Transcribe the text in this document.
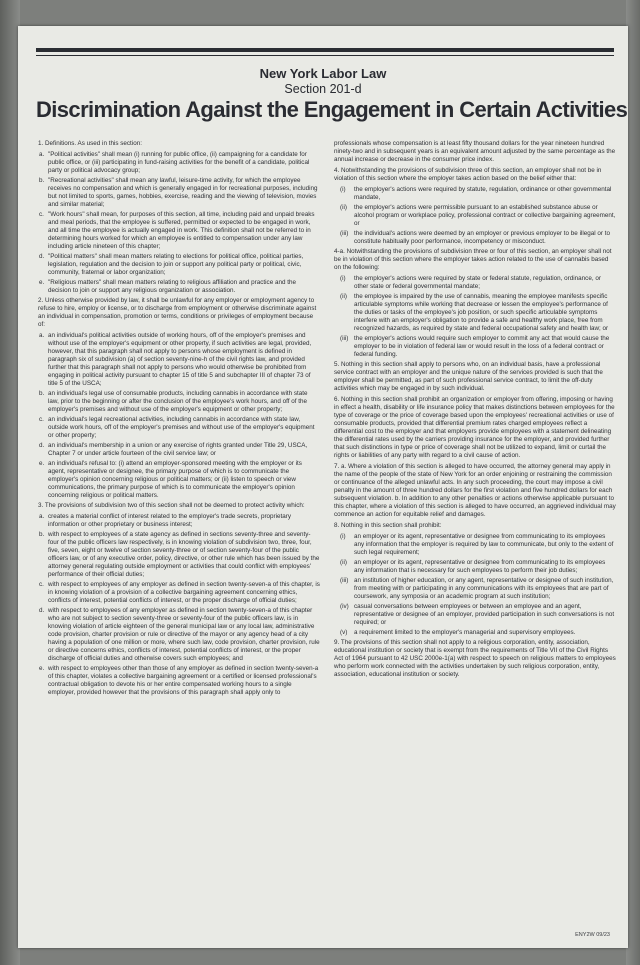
New York Labor Law
Section 201-d
Discrimination Against the Engagement in Certain Activities

1. Definitions. As used in this section:

a. "Political activities" shall mean (i) running for public office, (ii) campaigning for a candidate for public office, or (iii) participating in fund-raising activities for the benefit of a candidate, political party or political advocacy group;
b. "Recreational activities" shall mean any lawful, leisure-time activity, for which the employee receives no compensation and which is generally engaged in for recreational purposes, including but not limited to sports, games, hobbies, exercise, reading and the viewing of television, movies and similar material;
c. "Work hours" shall mean, for purposes of this section, all time, including paid and unpaid breaks and meal periods, that the employee is suffered, permitted or expected to be engaged in work, and all time the employee is actually engaged in work. This definition shall not be referred to in determining hours worked for which an employee is entitled to compensation under any law including article nineteen of this chapter;
d. "Political matters" shall mean matters relating to elections for political office, political parties, legislation, regulation and the decision to join or support any political party or political, civic, community, fraternal or labor organization;
e. "Religious matters" shall mean matters relating to religious affiliation and practice and the decision to join or support any religious organization or association.

2. Unless otherwise provided by law, it shall be unlawful for any employer or employment agency to refuse to hire, employ or license, or to discharge from employment or otherwise discriminate against an individual in compensation, promotion or terms, conditions or privileges of employment because of:

a. an individual's political activities outside of working hours, off of the employer's premises and without use of the employer's equipment or other property, if such activities are legal, provided, however, that this paragraph shall not apply to persons whose employment is defined in paragraph six of subdivision (a) of section seventy-nine-h of the civil rights law, and provided further that this paragraph shall not apply to persons who would otherwise be prohibited from engaging in political activity pursuant to chapter 15 of title 5 and subchapter III of chapter 73 of title 5 of the USCA;
b. an individual's legal use of consumable products, including cannabis in accordance with state law, prior to the beginning or after the conclusion of the employee's work hours, and off of the employer's premises and without use of the employer's equipment or other property;
c. an individual's legal recreational activities, including cannabis in accordance with state law, outside work hours, off of the employer's premises and without use of the employer's equipment or other property;
d. an individual's membership in a union or any exercise of rights granted under Title 29, USCA, Chapter 7 or under article fourteen of the civil service law; or
e. an individual's refusal to: (i) attend an employer-sponsored meeting with the employer or its agent, representative or designee, the primary purpose of which is to communicate the employer's opinion concerning religious or political matters; or (ii) listen to speech or view communications, the primary purpose of which is to communicate the employer's opinion concerning religious or political matters.

3. The provisions of subdivision two of this section shall not be deemed to protect activity which:

a. creates a material conflict of interest related to the employer's trade secrets, proprietary information or other proprietary or business interest;
b. with respect to employees of a state agency as defined in sections seventy-three and seventy-four of the public officers law respectively, is in knowing violation of subdivision two, three, four, five, seven, eight or twelve of section seventy-three or of section seventy-four of the public officers law, or of any executive order, policy, directive, or other rule which has been issued by the attorney general regulating outside employment or activities that could conflict with employees' performance of their official duties;
c. with respect to employees of any employer as defined in section twenty-seven-a of this chapter, is in knowing violation of a provision of a collective bargaining agreement concerning ethics, conflicts of interest, potential conflicts of interest, or the proper discharge of official duties;
d. with respect to employees of any employer as defined in section twenty-seven-a of this chapter who are not subject to section seventy-three or seventy-four of the public officers law, is in knowing violation of article eighteen of the general municipal law or any local law, administrative code provision, charter provision or rule or directive of the mayor or any agency head of a city having a population of one million or more, where such law, code provision, charter provision, rule or directive concerns ethics, conflicts of interest, potential conflicts of interest, or the proper discharge of official duties and otherwise covers such employees; and
e. with respect to employees other than those of any employer as defined in section twenty-seven-a of this chapter, violates a collective bargaining agreement or a certified or licensed professional's contractual obligation to devote his or her entire compensated working hours to a single employer, provided however that the provisions of this paragraph shall apply only to

professionals whose compensation is at least fifty thousand dollars for the year nineteen hundred ninety-two and in subsequent years is an equivalent amount adjusted by the same percentage as the annual increase or decrease in the consumer price index.

4. Notwithstanding the provisions of subdivision three of this section, an employer shall not be in violation of this section where the employer takes action based on the belief either that:

(i) the employer's actions were required by statute, regulation, ordinance or other governmental mandate,
(ii) the employer's actions were permissible pursuant to an established substance abuse or alcohol program or workplace policy, professional contract or collective bargaining agreement, or
(iii) the individual's actions were deemed by an employer or previous employer to be illegal or to constitute habitually poor performance, incompetency or misconduct.

4-a. Notwithstanding the provisions of subdivision three or four of this section, an employer shall not be in violation of this section where the employer takes action related to the use of cannabis based on the following:

(i) the employer's actions were required by state or federal statute, regulation, ordinance, or other state or federal governmental mandate;
(ii) the employee is impaired by the use of cannabis, meaning the employee manifests specific articulable symptoms while working that decrease or lessen the employee's performance of the duties or tasks of the employee's job position, or such specific articulable symptoms interfere with an employer's obligation to provide a safe and healthy work place, free from recognized hazards, as required by state and federal occupational safety and health law; or
(iii) the employer's actions would require such employer to commit any act that would cause the employer to be in violation of federal law or would result in the loss of a federal contract or federal funding.

5. Nothing in this section shall apply to persons who, on an individual basis, have a professional service contract with an employer and the unique nature of the services provided is such that the employer shall be permitted, as part of such professional service contract, to limit the off-duty activities which may be engaged in by such individual.

6. Nothing in this section shall prohibit an organization or employer from offering, imposing or having in effect a health, disability or life insurance policy that makes distinctions between employees for the type of coverage or the price of coverage based upon the employees' recreational activities or use of consumable products, provided that differential premium rates charged employees reflect a differential cost to the employer and that employers provide employees with a statement delineating the differential rates used by the carriers providing insurance for the employer, and provided further that such distinctions in type or price of coverage shall not be utilized to expand, limit or curtail the rights or liabilities of any party with regard to a civil cause of action.

7. a. Where a violation of this section is alleged to have occurred, the attorney general may apply in the name of the people of the state of New York for an order enjoining or restraining the commission or continuance of the alleged unlawful acts. In any such proceeding, the court may impose a civil penalty in the amount of three hundred dollars for the first violation and five hundred dollars for each subsequent violation. b. In addition to any other penalties or actions otherwise applicable pursuant to this chapter, where a violation of this section is alleged to have occurred, an aggrieved individual may commence an action for equitable relief and damages.

8. Nothing in this section shall prohibit:

(i) an employer or its agent, representative or designee from communicating to its employees any information that the employer is required by law to communicate, but only to the extent of such legal requirement;
(ii) an employer or its agent, representative or designee from communicating to its employees any information that is necessary for such employees to perform their job duties;
(iii) an institution of higher education, or any agent, representative or designee of such institution, from meeting with or participating in any communications with its employees that are part of coursework, any symposia or an academic program at such institution;
(iv) casual conversations between employees or between an employee and an agent, representative or designee of an employer, provided participation in such conversations is not required; or
(v) a requirement limited to the employer's managerial and supervisory employees.

9. The provisions of this section shall not apply to a religious corporation, entity, association, educational institution or society that is exempt from the requirements of Title VII of the Civil Rights Act of 1964 pursuant to 42 USC 2000e-1(a) with respect to speech on religious matters to employees who perform work connected with the activities undertaken by such religious corporation, entity, association, educational institution or society.

ENY2W 09/23
